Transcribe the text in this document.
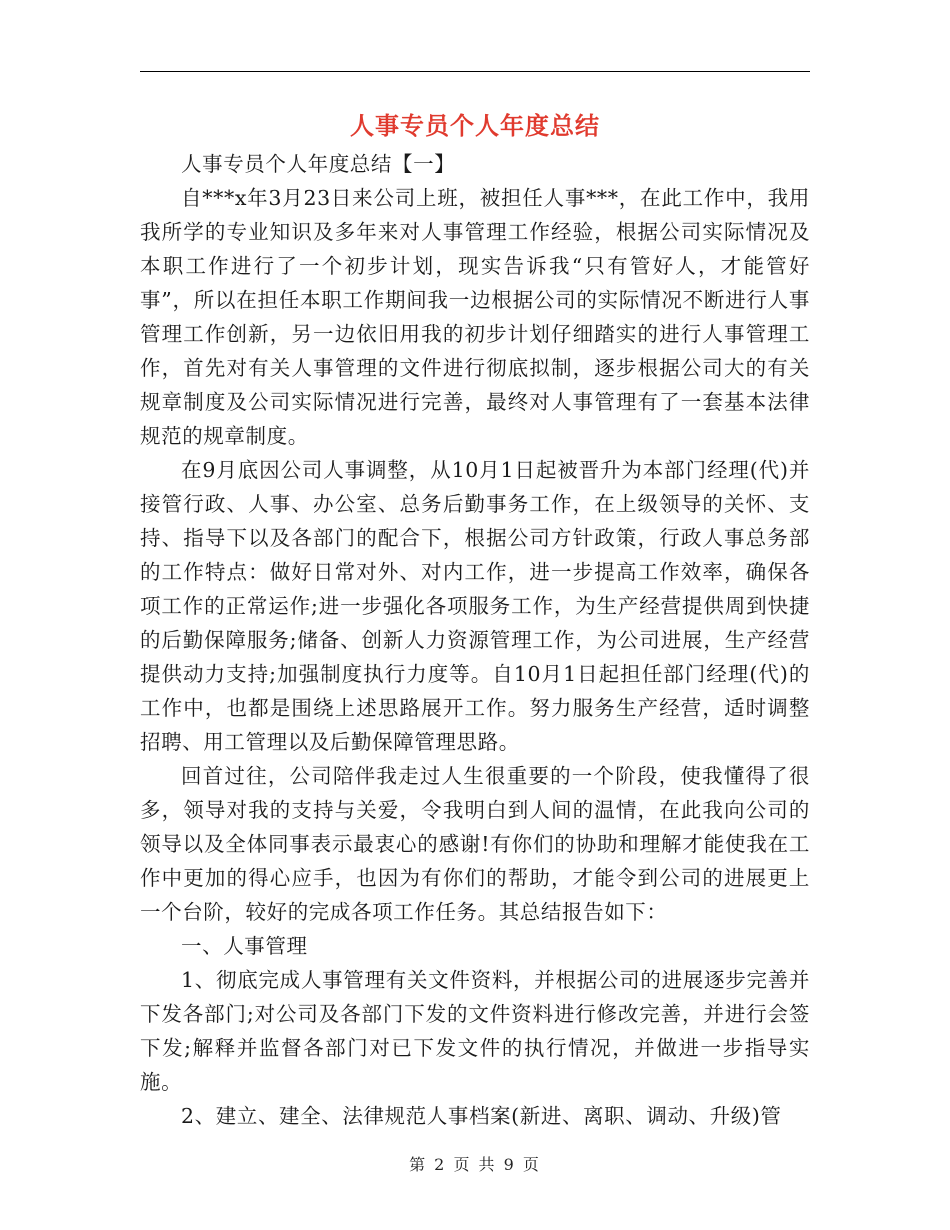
人事专员个人年度总结

人事专员个人年度总结【一】

自***x年3月23日来公司上班，被担任人事***，在此工作中，我用我所学的专业知识及多年来对人事管理工作经验，根据公司实际情况及本职工作进行了一个初步计划，现实告诉我“只有管好人，才能管好事”，所以在担任本职工作期间我一边根据公司的实际情况不断进行人事管理工作创新，另一边依旧用我的初步计划仔细踏实的进行人事管理工作，首先对有关人事管理的文件进行彻底拟制，逐步根据公司大的有关规章制度及公司实际情况进行完善，最终对人事管理有了一套基本法律规范的规章制度。

在9月底因公司人事调整，从10月1日起被晋升为本部门经理(代)并接管行政、人事、办公室、总务后勤事务工作，在上级领导的关怀、支持、指导下以及各部门的配合下，根据公司方针政策，行政人事总务部的工作特点：做好日常对外、对内工作，进一步提高工作效率，确保各项工作的正常运作;进一步强化各项服务工作，为生产经营提供周到快捷的后勤保障服务;储备、创新人力资源管理工作，为公司进展，生产经营提供动力支持;加强制度执行力度等。自10月1日起担任部门经理(代)的工作中，也都是围绕上述思路展开工作。努力服务生产经营，适时调整招聘、用工管理以及后勤保障管理思路。

回首过往，公司陪伴我走过人生很重要的一个阶段，使我懂得了很多，领导对我的支持与关爱，令我明白到人间的温情，在此我向公司的领导以及全体同事表示最衷心的感谢!有你们的协助和理解才能使我在工作中更加的得心应手，也因为有你们的帮助，才能令到公司的进展更上一个台阶，较好的完成各项工作任务。其总结报告如下：

一、人事管理

1、彻底完成人事管理有关文件资料，并根据公司的进展逐步完善并下发各部门;对公司及各部门下发的文件资料进行修改完善，并进行会签下发;解释并监督各部门对已下发文件的执行情况，并做进一步指导实施。

2、建立、建全、法律规范人事档案(新进、离职、调动、升级)管

第 2 页 共 9 页
